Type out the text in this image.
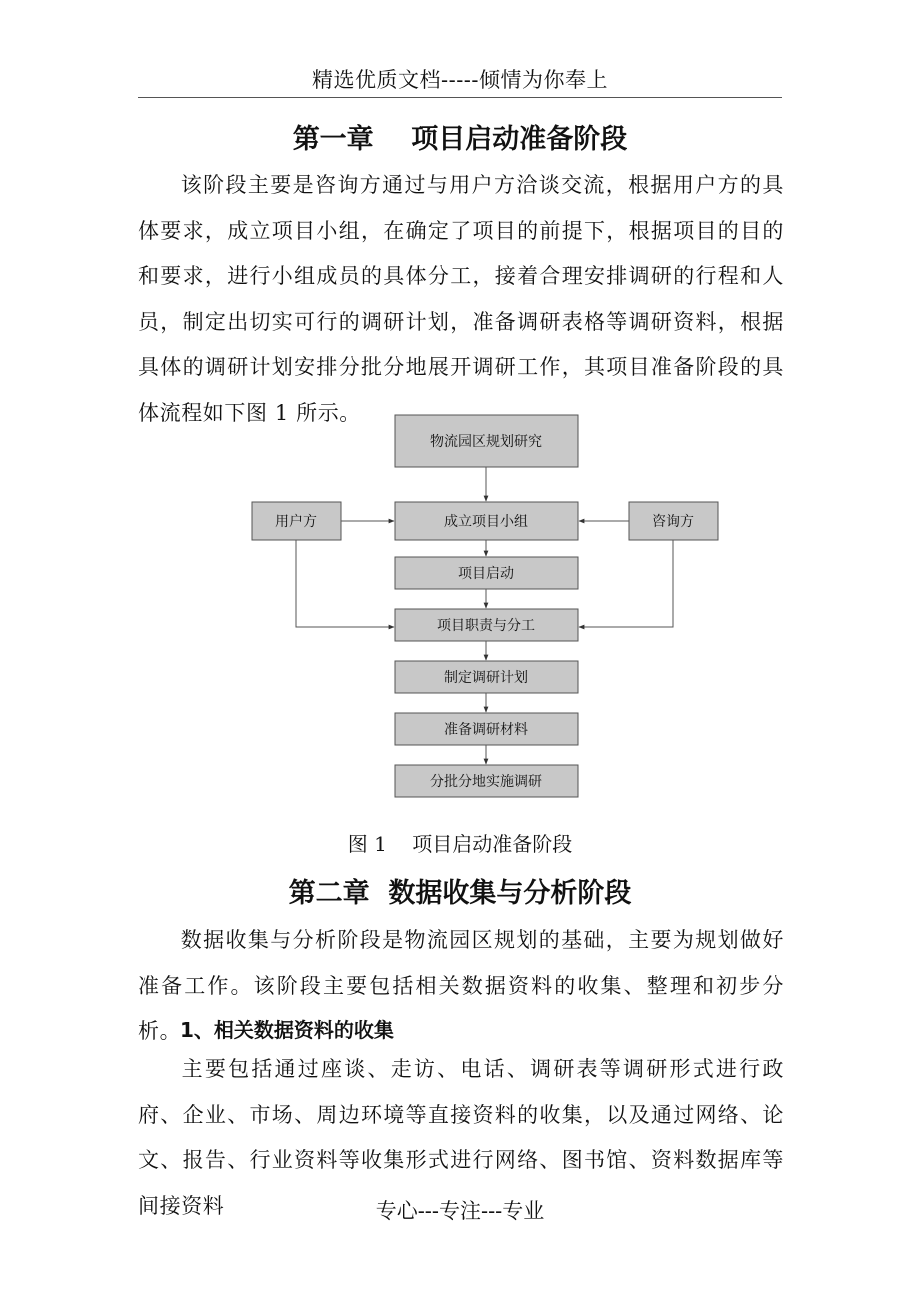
精选优质文档-----倾情为你奉上
第一章    项目启动准备阶段
该阶段主要是咨询方通过与用户方洽谈交流，根据用户方的具体要求，成立项目小组，在确定了项目的前提下，根据项目的目的和要求，进行小组成员的具体分工，接着合理安排调研的行程和人员，制定出切实可行的调研计划，准备调研表格等调研资料，根据具体的调研计划安排分批分地展开调研工作，其项目准备阶段的具体流程如下图 1 所示。
物流园区规划研究
用户方	咨询方
成立项目小组
项目启动
项目职责与分工
制定调研计划
准备调研材料
分批分地实施调研
图 1    项目启动准备阶段
第二章  数据收集与分析阶段
数据收集与分析阶段是物流园区规划的基础，主要为规划做好准备工作。该阶段主要包括相关数据资料的收集、整理和初步分析。
1、相关数据资料的收集
主要包括通过座谈、走访、电话、调研表等调研形式进行政府、企业、市场、周边环境等直接资料的收集，以及通过网络、论文、报告、行业资料等收集形式进行网络、图书馆、资料数据库等间接资料	专心---专注---专业
